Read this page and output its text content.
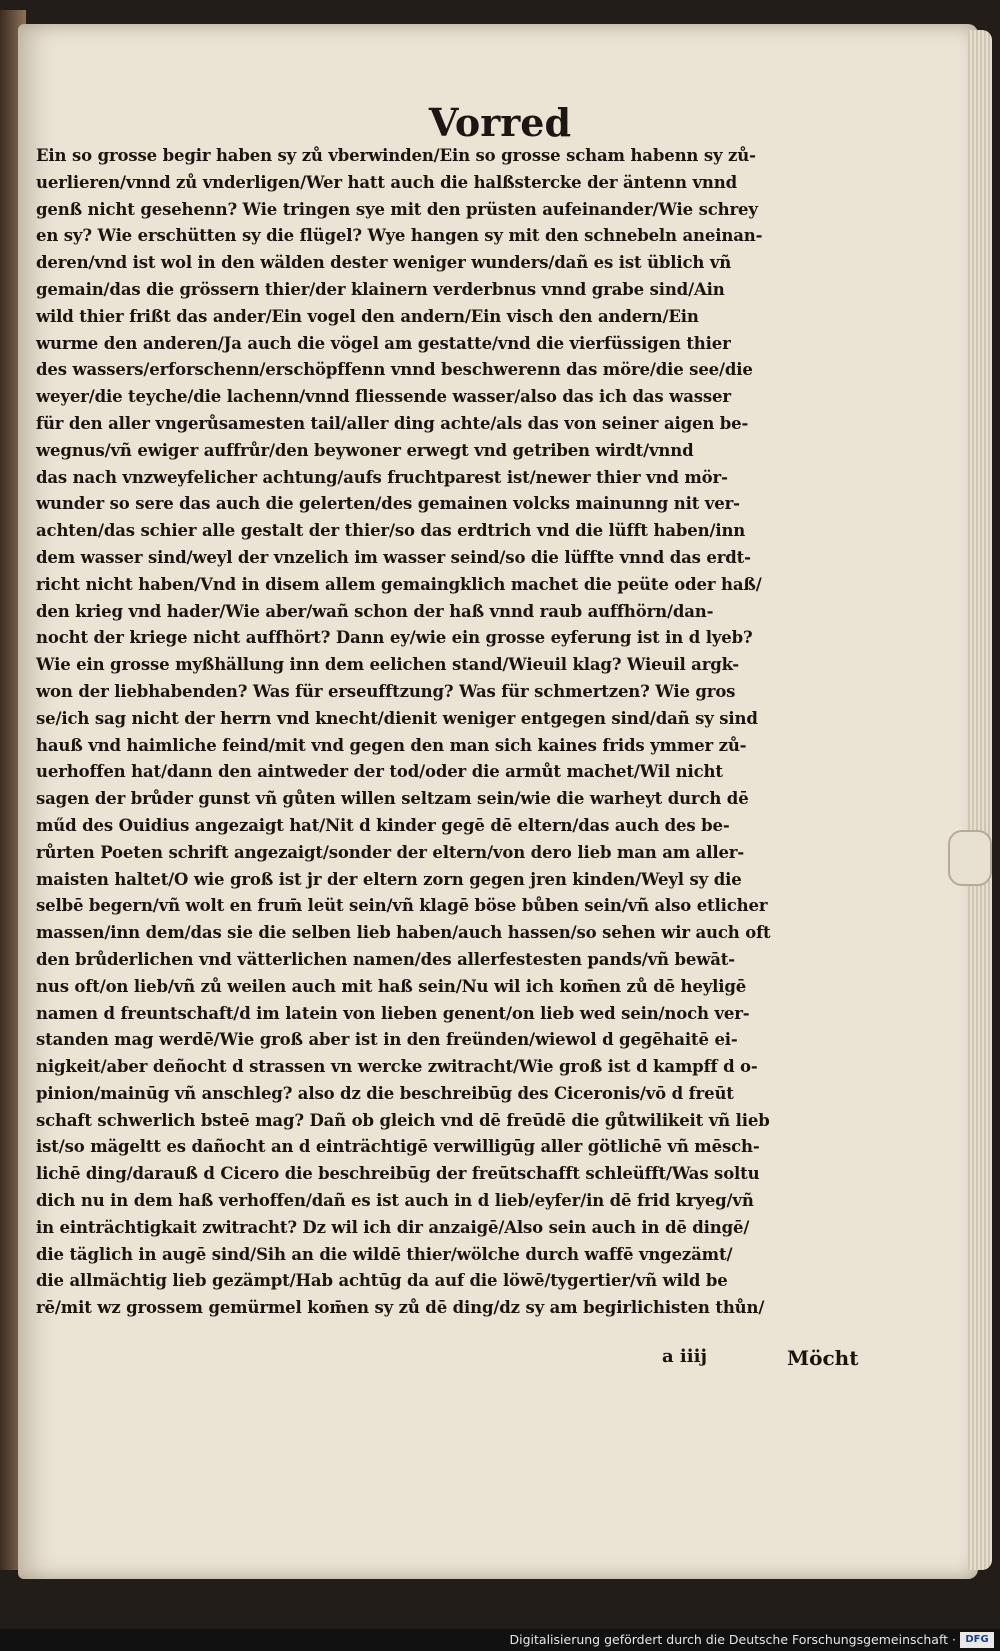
Vorred
Ein so grosse begir haben sy zů vberwinden/Ein so grosse scham habenn sy zů-
uerlieren/vnnd zů vnderligen/Wer hatt auch die halßstercke der äntenn vnnd
genß nicht gesehenn? Wie tringen sye mit den prüsten aufeinander/Wie schrey
en sy? Wie erschütten sy die flügel? Wye hangen sy mit den schnebeln aneinan-
deren/vnd ist wol in den wälden dester weniger wunders/dañ es ist üblich vñ
gemain/das die grössern thier/der klainern verderbnus vnnd grabe sind/Ain
wild thier frißt das ander/Ein vogel den andern/Ein visch den andern/Ein
wurme den anderen/Ja auch die vögel am gestatte/vnd die vierfüssigen thier
des wassers/erforschenn/erschöpffenn vnnd beschwerenn das möre/die see/die
weyer/die teyche/die lachenn/vnnd fliessende wasser/also das ich das wasser
für den aller vngerůsamesten tail/aller ding achte/als das von seiner aigen be-
wegnus/vñ ewiger auffrůr/den beywoner erwegt vnd getriben wirdt/vnnd
das nach vnzweyfelicher achtung/aufs fruchtparest ist/newer thier vnd mör-
wunder so sere das auch die gelerten/des gemainen volcks mainunng nit ver-
achten/das schier alle gestalt der thier/so das erdtrich vnd die lüfft haben/inn
dem wasser sind/weyl der vnzelich im wasser seind/so die lüffte vnnd das erdt-
richt nicht haben/Vnd in disem allem gemaingklich machet die peüte oder haß/
den krieg vnd hader/Wie aber/wañ schon der haß vnnd raub auffhörn/dan-
nocht der kriege nicht auffhört? Dann ey/wie ein grosse eyferung ist in d lyeb?
Wie ein grosse myßhällung inn dem eelichen stand/Wieuil klag? Wieuil argk-
won der liebhabenden? Was für erseufftzung? Was für schmertzen? Wie gros
se/ich sag nicht der herrn vnd knecht/dienit weniger entgegen sind/dañ sy sind
hauß vnd haimliche feind/mit vnd gegen den man sich kaines frids ymmer zů-
uerhoffen hat/dann den aintweder der tod/oder die armůt machet/Wil nicht
sagen der brůder gunst vñ gůten willen seltzam sein/wie die warheyt durch dē
műd des Ouidius angezaigt hat/Nit d kinder gegē dē eltern/das auch des be-
růrten Poeten schrift angezaigt/sonder der eltern/von dero lieb man am aller-
maisten haltet/O wie groß ist jr der eltern zorn gegen jren kinden/Weyl sy die
selbē begern/vñ wolt en frum̄ leüt sein/vñ klagē böse bůben sein/vñ also etlicher
massen/inn dem/das sie die selben lieb haben/auch hassen/so sehen wir auch oft
den brůderlichen vnd vätterlichen namen/des allerfestesten pands/vñ bewāt-
nus oft/on lieb/vñ zů weilen auch mit haß sein/Nu wil ich kom̄en zů dē heyligē
namen d freuntschaft/d im latein von lieben genent/on lieb wed sein/noch ver-
standen mag werdē/Wie groß aber ist in den freünden/wiewol d gegēhaitē ei-
nigkeit/aber deñocht d strassen vn wercke zwitracht/Wie groß ist d kampff d o-
pinion/mainūg vñ anschleg? also dz die beschreibūg des Ciceronis/vō d freūt
schaft schwerlich bsteē mag? Dañ ob gleich vnd dē freūdē die gůtwilikeit vñ lieb
ist/so mägeltt es dañocht an d einträchtigē verwilligūg aller götlichē vñ mēsch-
lichē ding/darauß d Cicero die beschreibūg der freūtschafft schleüfft/Was soltu
dich nu in dem haß verhoffen/dañ es ist auch in d lieb/eyfer/in dē frid kryeg/vñ
in einträchtigkait zwitracht? Dz wil ich dir anzaigē/Also sein auch in dē dingē/
die täglich in augē sind/Sih an die wildē thier/wölche durch waffē vngezämt/
die allmächtig lieb gezämpt/Hab achtūg da auf die löwē/tygertier/vñ wild be
rē/mit wz grossem gemürmel kom̄en sy zů dē ding/dz sy am begirlichisten thůn/
a iiij	Möcht
Digitalisierung gefördert durch die Deutsche Forschungsgemeinschaft · DFG
